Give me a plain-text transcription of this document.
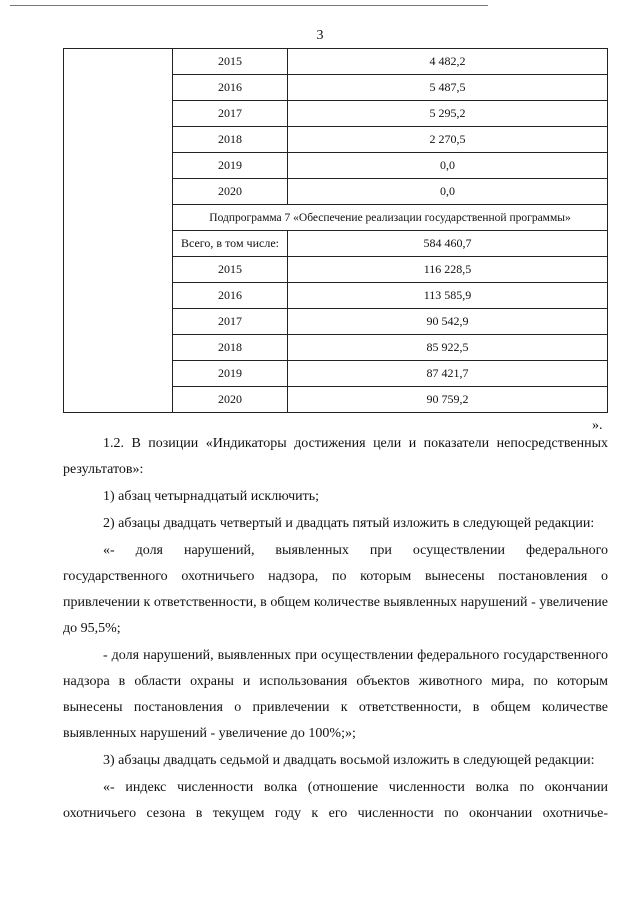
3
	2015	4 482,2
	2016	5 487,5
	2017	5 295,2
	2018	2 270,5
	2019	0,0
	2020	0,0
	Подпрограмма 7 «Обеспечение реализации государственной программы»	
	Всего, в том числе:	584 460,7
	2015	116 228,5
	2016	113 585,9
	2017	90 542,9
	2018	85 922,5
	2019	87 421,7
	2020	90 759,2
».

1.2. В позиции «Индикаторы достижения цели и показатели непосредственных результатов»:

1) абзац четырнадцатый исключить;

2) абзацы двадцать четвертый и двадцать пятый изложить в следующей редакции:

«- доля нарушений, выявленных при осуществлении федерального государственного охотничьего надзора, по которым вынесены постановления о привлечении к ответственности, в общем количестве выявленных нарушений - увеличение до 95,5%;

- доля нарушений, выявленных при осуществлении федерального государственного надзора в области охраны и использования объектов животного мира, по которым вынесены постановления о привлечении к ответственности, в общем количестве выявленных нарушений - увеличение до 100%;»;

3) абзацы двадцать седьмой и двадцать восьмой изложить в следующей редакции:

«- индекс численности волка (отношение численности волка по окончании охотничьего сезона в текущем году к его численности по окончании охотничье-
